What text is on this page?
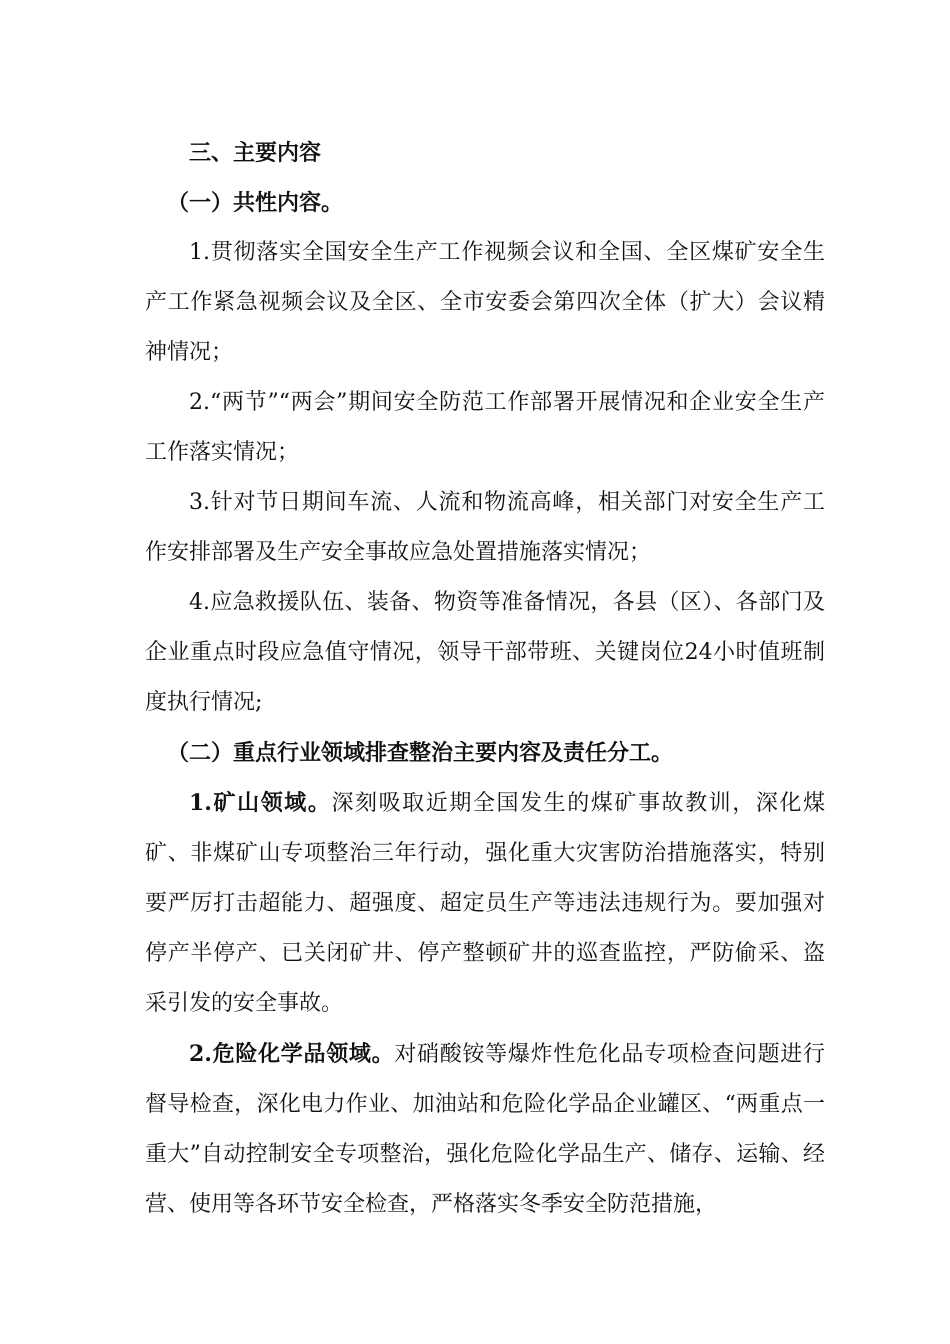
三、主要内容

（一）共性内容。

1.贯彻落实全国安全生产工作视频会议和全国、全区煤矿安全生产工作紧急视频会议及全区、全市安委会第四次全体（扩大）会议精神情况；

2.“两节”“两会”期间安全防范工作部署开展情况和企业安全生产工作落实情况；

3.针对节日期间车流、人流和物流高峰，相关部门对安全生产工作安排部署及生产安全事故应急处置措施落实情况；

4.应急救援队伍、装备、物资等准备情况，各县（区）、各部门及企业重点时段应急值守情况，领导干部带班、关键岗位24小时值班制度执行情况;

（二）重点行业领域排查整治主要内容及责任分工。

1.矿山领域。深刻吸取近期全国发生的煤矿事故教训，深化煤矿、非煤矿山专项整治三年行动，强化重大灾害防治措施落实，特别要严厉打击超能力、超强度、超定员生产等违法违规行为。要加强对停产半停产、已关闭矿井、停产整顿矿井的巡查监控，严防偷采、盗采引发的安全事故。

2.危险化学品领域。对硝酸铵等爆炸性危化品专项检查问题进行督导检查，深化电力作业、加油站和危险化学品企业罐区、“两重点一重大”自动控制安全专项整治，强化危险化学品生产、储存、运输、经营、使用等各环节安全检查，严格落实冬季安全防范措施，
